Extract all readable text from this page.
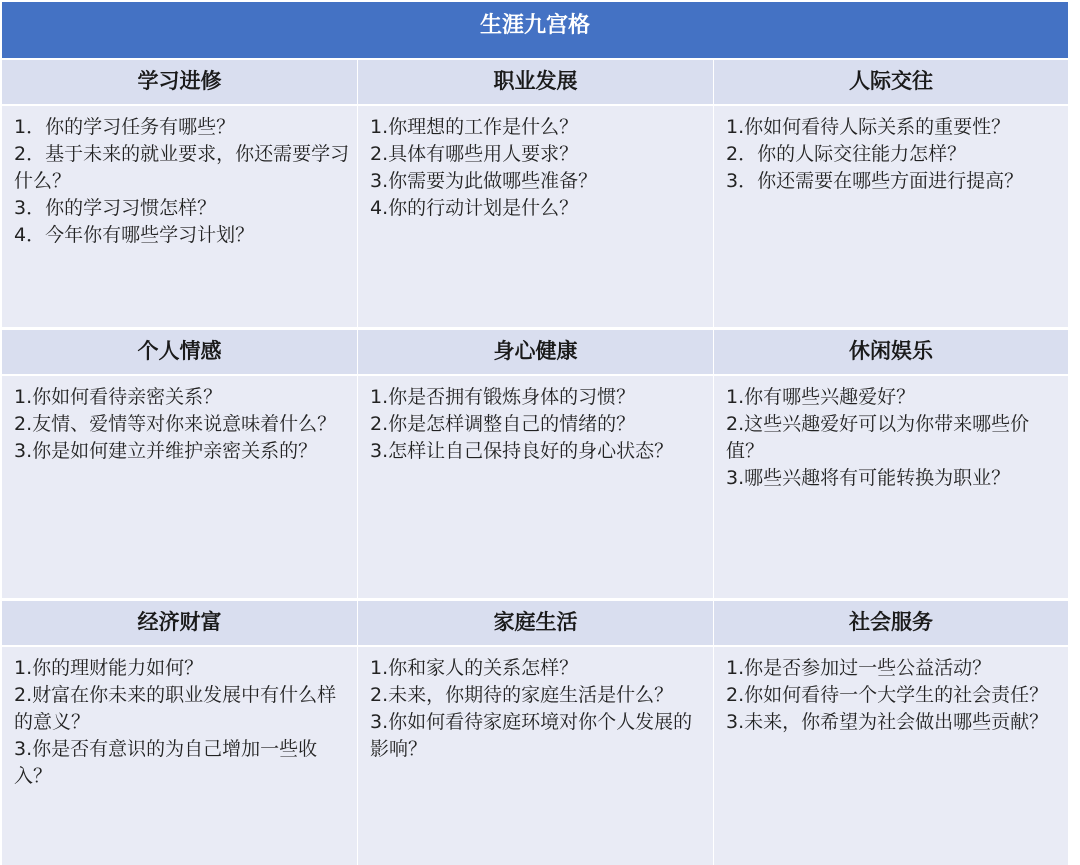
生涯九宫格
学习进修
1．你的学习任务有哪些？
2．基于未来的就业要求，你还需要学习什么？
3．你的学习习惯怎样？
4．今年你有哪些学习计划？
职业发展
1.你理想的工作是什么？
2.具体有哪些用人要求？
3.你需要为此做哪些准备？
4.你的行动计划是什么？
人际交往
1.你如何看待人际关系的重要性？
2．你的人际交往能力怎样？
3．你还需要在哪些方面进行提高？
个人情感
1.你如何看待亲密关系？
2.友情、爱情等对你来说意味着什么？
3.你是如何建立并维护亲密关系的？
身心健康
1.你是否拥有锻炼身体的习惯？
2.你是怎样调整自己的情绪的？
3.怎样让自己保持良好的身心状态？
休闲娱乐
1.你有哪些兴趣爱好？
2.这些兴趣爱好可以为你带来哪些价值？
3.哪些兴趣将有可能转换为职业？
经济财富
1.你的理财能力如何？
2.财富在你未来的职业发展中有什么样的意义？
3.你是否有意识的为自己增加一些收入？
家庭生活
1.你和家人的关系怎样？
2.未来，你期待的家庭生活是什么？
3.你如何看待家庭环境对你个人发展的影响？
社会服务
1.你是否参加过一些公益活动？
2.你如何看待一个大学生的社会责任？
3.未来，你希望为社会做出哪些贡献？
